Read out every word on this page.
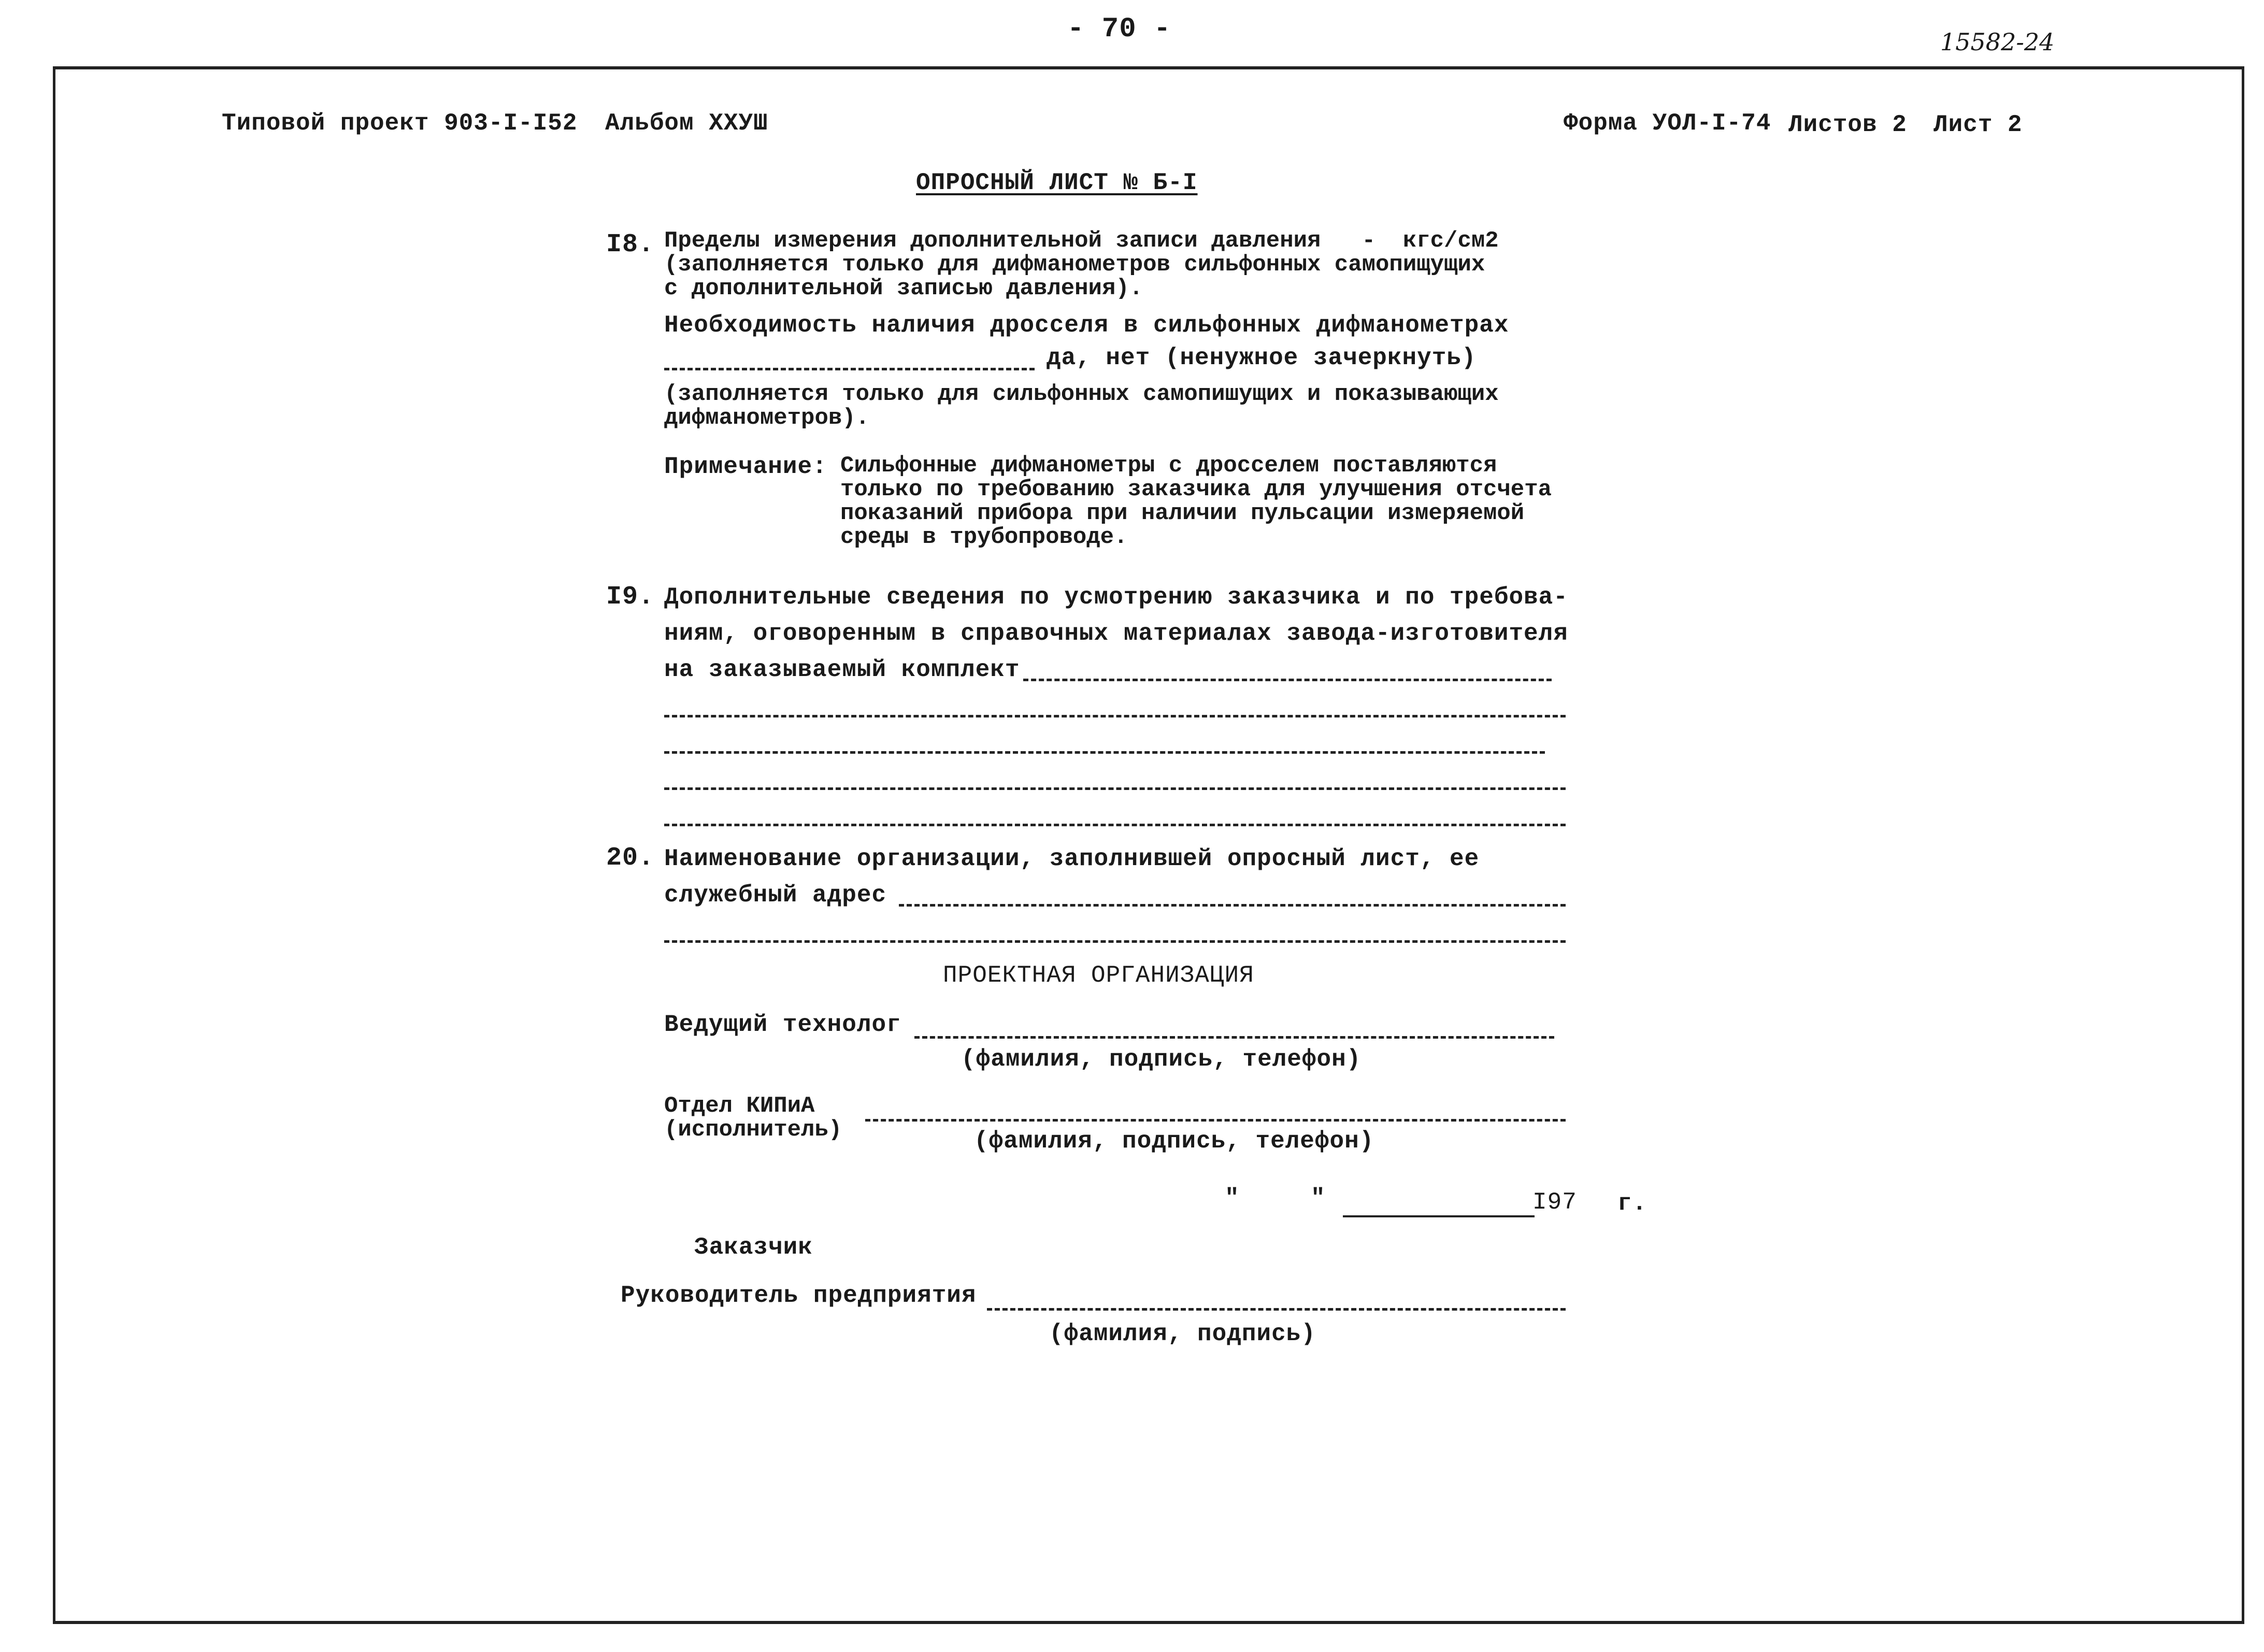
- 70 -	15582-24
Типовой проект 903-I-I52 Альбом XXУШ	Форма УОЛ-I-74 Листов 2 Лист 2
ОПРОСНЫЙ ЛИСТ № Б-I
I8. Пределы измерения дополнительной записи давления   -  кгс/см2
(заполняется только для дифманометров сильфонных самопищущих
с дополнительной записью давления).
Необходимость наличия дросселя в сильфонных дифманометрах
да, нет (ненужное зачеркнуть)
(заполняется только для сильфонных самопишущих и показывающих
дифманометров).
Примечание: Сильфонные дифманометры с дросселем поставляются
только по требованию заказчика для улучшения отсчета
показаний прибора при наличии пульсации измеряемой
среды в трубопроводе.
I9. Дополнительные сведения по усмотрению заказчика и по требова-
ниям, оговоренным в справочных материалах завода-изготовителя
на заказываемый комплект
20. Наименование организации, заполнившей опросный лист, ее
служебный адрес
ПРОЕКТНАЯ ОРГАНИЗАЦИЯ
Ведущий технолог
(фамилия, подпись, телефон)
Отдел КИПиА
(исполнитель)	(фамилия, подпись, телефон)
"	"	I97 г.
Заказчик
Руководитель предприятия
(фамилия, подпись)
